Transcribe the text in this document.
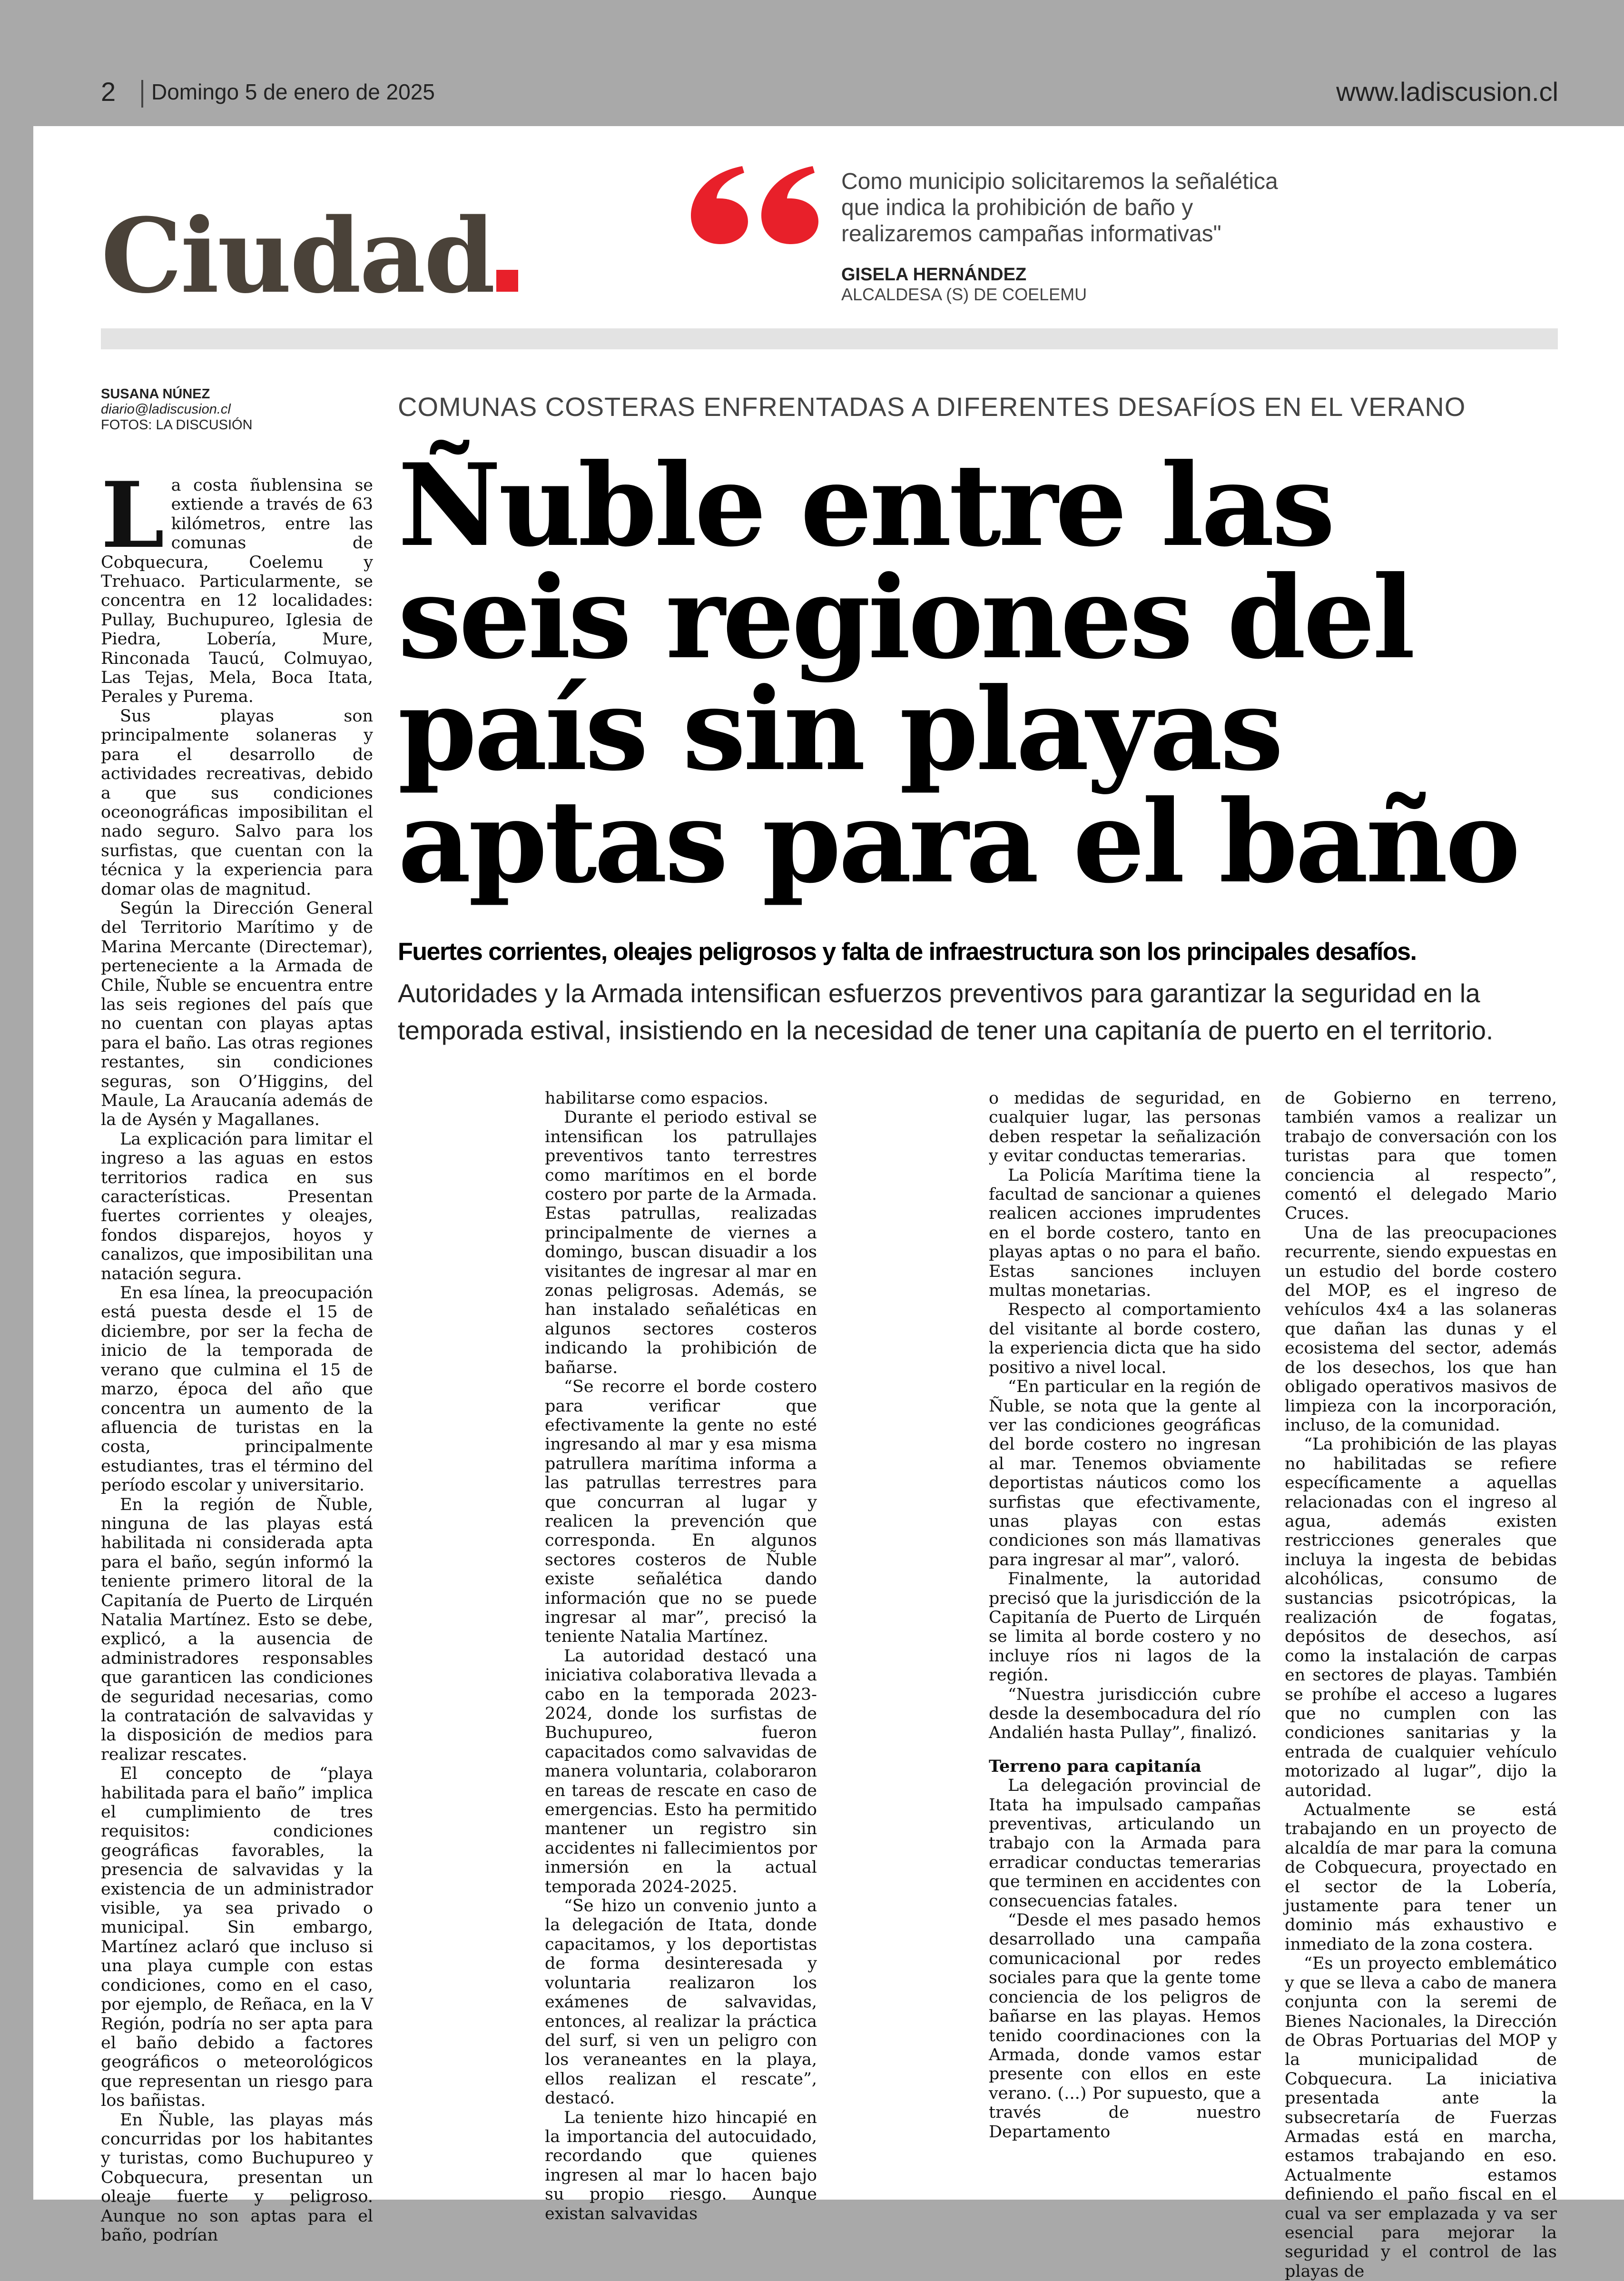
2 Domingo 5 de enero de 2025	www.ladiscusion.cl
Ciudad
Como municipio solicitaremos la señalética que indica la prohibición de baño y realizaremos campañas informativas"
GISELA HERNÁNDEZ
ALCALDESA (S) DE COELEMU
SUSANA NÚNEZ
diario@ladiscusion.cl
FOTOS: LA DISCUSIÓN
COMUNAS COSTERAS ENFRENTADAS A DIFERENTES DESAFÍOS EN EL VERANO
Ñuble entre las seis regiones del país sin playas aptas para el baño
Fuertes corrientes, oleajes peligrosos y falta de infraestructura son los principales desafíos.
Autoridades y la Armada intensifican esfuerzos preventivos para garantizar la seguridad en la temporada estival, insistiendo en la necesidad de tener una capitanía de puerto en el territorio.

La costa ñublensina se extiende a través de 63 kilómetros, entre las comunas de Cobquecura, Coelemu y Trehuaco. Particularmente, se concentra en 12 localidades: Pullay, Buchupureo, Iglesia de Piedra, Lobería, Mure, Rinconada Taucú, Colmuyao, Las Tejas, Mela, Boca Itata, Perales y Purema.

Sus playas son principalmente solaneras y para el desarrollo de actividades recreativas, debido a que sus condiciones oceonográficas imposibilitan el nado seguro. Salvo para los surfistas, que cuentan con la técnica y la experiencia para domar olas de magnitud.

Según la Dirección General del Territorio Marítimo y de Marina Mercante (Directemar), perteneciente a la Armada de Chile, Ñuble se encuentra entre las seis regiones del país que no cuentan con playas aptas para el baño. Las otras regiones restantes, sin condiciones seguras, son O’Higgins, del Maule, La Araucanía además de la de Aysén y Magallanes.

La explicación para limitar el ingreso a las aguas en estos territorios radica en sus características. Presentan fuertes corrientes y oleajes, fondos disparejos, hoyos y canalizos, que imposibilitan una natación segura.

En esa línea, la preocupación está puesta desde el 15 de diciembre, por ser la fecha de inicio de la temporada de verano que culmina el 15 de marzo, época del año que concentra un aumento de la afluencia de turistas en la costa, principalmente estudiantes, tras el término del período escolar y universitario.

En la región de Ñuble, ninguna de las playas está habilitada ni considerada apta para el baño, según informó la teniente primero litoral de la Capitanía de Puerto de Lirquén Natalia Martínez. Esto se debe, explicó, a la ausencia de administradores responsables que garanticen las condiciones de seguridad necesarias, como la contratación de salvavidas y la disposición de medios para realizar rescates.

El concepto de “playa habilitada para el baño” implica el cumplimiento de tres requisitos: condiciones geográficas favorables, la presencia de salvavidas y la existencia de un administrador visible, ya sea privado o municipal. Sin embargo, Martínez aclaró que incluso si una playa cumple con estas condiciones, como en el caso, por ejemplo, de Reñaca, en la V Región, podría no ser apta para el baño debido a factores geográficos o meteorológicos que representan un riesgo para los bañistas.

En Ñuble, las playas más concurridas por los habitantes y turistas, como Buchupureo y Cobquecura, presentan un oleaje fuerte y peligroso. Aunque no son aptas para el baño, podrían

habilitarse como espacios.

Durante el periodo estival se intensifican los patrullajes preventivos tanto terrestres como marítimos en el borde costero por parte de la Armada. Estas patrullas, realizadas principalmente de viernes a domingo, buscan disuadir a los visitantes de ingresar al mar en zonas peligrosas. Además, se han instalado señaléticas en algunos sectores costeros indicando la prohibición de bañarse.

“Se recorre el borde costero para verificar que efectivamente la gente no esté ingresando al mar y esa misma patrullera marítima informa a las patrullas terrestres para que concurran al lugar y realicen la prevención que corresponda. En algunos sectores costeros de Ñuble existe señalética dando información que no se puede ingresar al mar”, precisó la teniente Natalia Martínez.

La autoridad destacó una iniciativa colaborativa llevada a cabo en la temporada 2023-2024, donde los surfistas de Buchupureo, fueron capacitados como salvavidas de manera voluntaria, colaboraron en tareas de rescate en caso de emergencias. Esto ha permitido mantener un registro sin accidentes ni fallecimientos por inmersión en la actual temporada 2024-2025.

“Se hizo un convenio junto a la delegación de Itata, donde capacitamos, y los deportistas de forma desinteresada y voluntaria realizaron los exámenes de salvavidas, entonces, al realizar la práctica del surf, si ven un peligro con los veraneantes en la playa, ellos realizan el rescate”, destacó.

La teniente hizo hincapié en la importancia del autocuidado, recordando que quienes ingresen al mar lo hacen bajo su propio riesgo. Aunque existan salvavidas

o medidas de seguridad, en cualquier lugar, las personas deben respetar la señalización y evitar conductas temerarias.

La Policía Marítima tiene la facultad de sancionar a quienes realicen acciones imprudentes en el borde costero, tanto en playas aptas o no para el baño. Estas sanciones incluyen multas monetarias.

Respecto al comportamiento del visitante al borde costero, la experiencia dicta que ha sido positivo a nivel local.

“En particular en la región de Ñuble, se nota que la gente al ver las condiciones geográficas del borde costero no ingresan al mar. Tenemos obviamente deportistas náuticos como los surfistas que efectivamente, unas playas con estas condiciones son más llamativas para ingresar al mar”, valoró.

Finalmente, la autoridad precisó que la jurisdicción de la Capitanía de Puerto de Lirquén se limita al borde costero y no incluye ríos ni lagos de la región.

“Nuestra jurisdicción cubre desde la desembocadura del río Andalién hasta Pullay”, finalizó.

Terreno para capitanía

La delegación provincial de Itata ha impulsado campañas preventivas, articulando un trabajo con la Armada para erradicar conductas temerarias que terminen en accidentes con consecuencias fatales.

“Desde el mes pasado hemos desarrollado una campaña comunicacional por redes sociales para que la gente tome conciencia de los peligros de bañarse en las playas. Hemos tenido coordinaciones con la Armada, donde vamos estar presente con ellos en este verano. (...) Por supuesto, que a través de nuestro Departamento

de Gobierno en terreno, también vamos a realizar un trabajo de conversación con los turistas para que tomen conciencia al respecto”, comentó el delegado Mario Cruces.

Una de las preocupaciones recurrente, siendo expuestas en un estudio del borde costero del MOP, es el ingreso de vehículos 4x4 a las solaneras que dañan las dunas y el ecosistema del sector, además de los desechos, los que han obligado operativos masivos de limpieza con la incorporación, incluso, de la comunidad.

“La prohibición de las playas no habilitadas se refiere específicamente a aquellas relacionadas con el ingreso al agua, además existen restricciones generales que incluya la ingesta de bebidas alcohólicas, consumo de sustancias psicotrópicas, la realización de fogatas, depósitos de desechos, así como la instalación de carpas en sectores de playas. También se prohíbe el acceso a lugares que no cumplen con las condiciones sanitarias y la entrada de cualquier vehículo motorizado al lugar”, dijo la autoridad.

Actualmente se está trabajando en un proyecto de alcaldía de mar para la comuna de Cobquecura, proyectado en el sector de la Lobería, justamente para tener un dominio más exhaustivo e inmediato de la zona costera.

“Es un proyecto emblemático y que se lleva a cabo de manera conjunta con la seremi de Bienes Nacionales, la Dirección de Obras Portuarias del MOP y la municipalidad de Cobquecura. La iniciativa presentada ante la subsecretaría de Fuerzas Armadas está en marcha, estamos trabajando en eso. Actualmente estamos definiendo el paño fiscal en el cual va ser emplazada y va ser esencial para mejorar la seguridad y el control de las playas de
